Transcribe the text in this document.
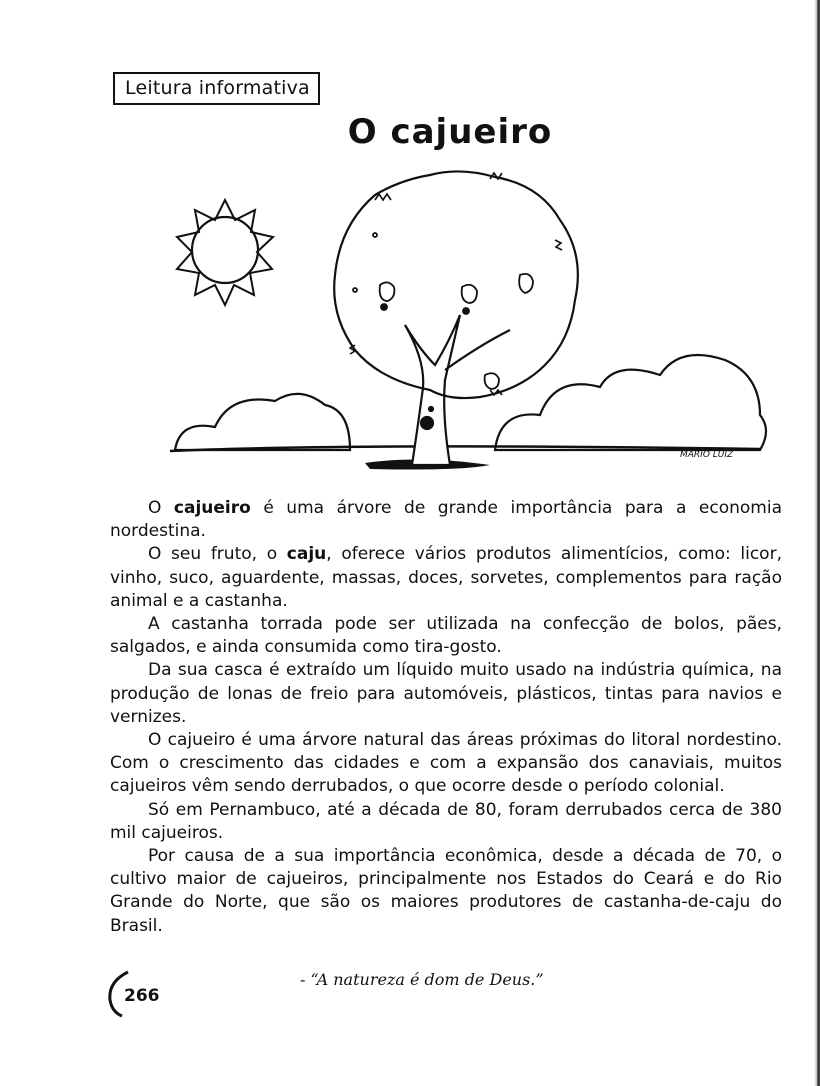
Leitura informativa
O cajueiro
MÁRIO LUIZ

O cajueiro é uma árvore de grande importância para a economia nordestina.

O seu fruto, o caju, oferece vários produtos alimentícios, como: licor, vinho, suco, aguardente, massas, doces, sorvetes, complementos para ração animal e a castanha.

A castanha torrada pode ser utilizada na confecção de bolos, pães, salgados, e ainda consumida como tira-gosto.

Da sua casca é extraído um líquido muito usado na indústria química, na produção de lonas de freio para automóveis, plásticos, tintas para navios e vernizes.

O cajueiro é uma árvore natural das áreas próximas do litoral nordestino. Com o crescimento das cidades e com a expansão dos canaviais, muitos cajueiros vêm sendo derrubados, o que ocorre desde o período colonial.

Só em Pernambuco, até a década de 80, foram derrubados cerca de 380 mil cajueiros.

Por causa de a sua importância econômica, desde a década de 70, o cultivo maior de cajueiros, principalmente nos Estados do Ceará e do Rio Grande do Norte, que são os maiores produtores de castanha-de-caju do Brasil.

266
- “A natureza é dom de Deus.”
